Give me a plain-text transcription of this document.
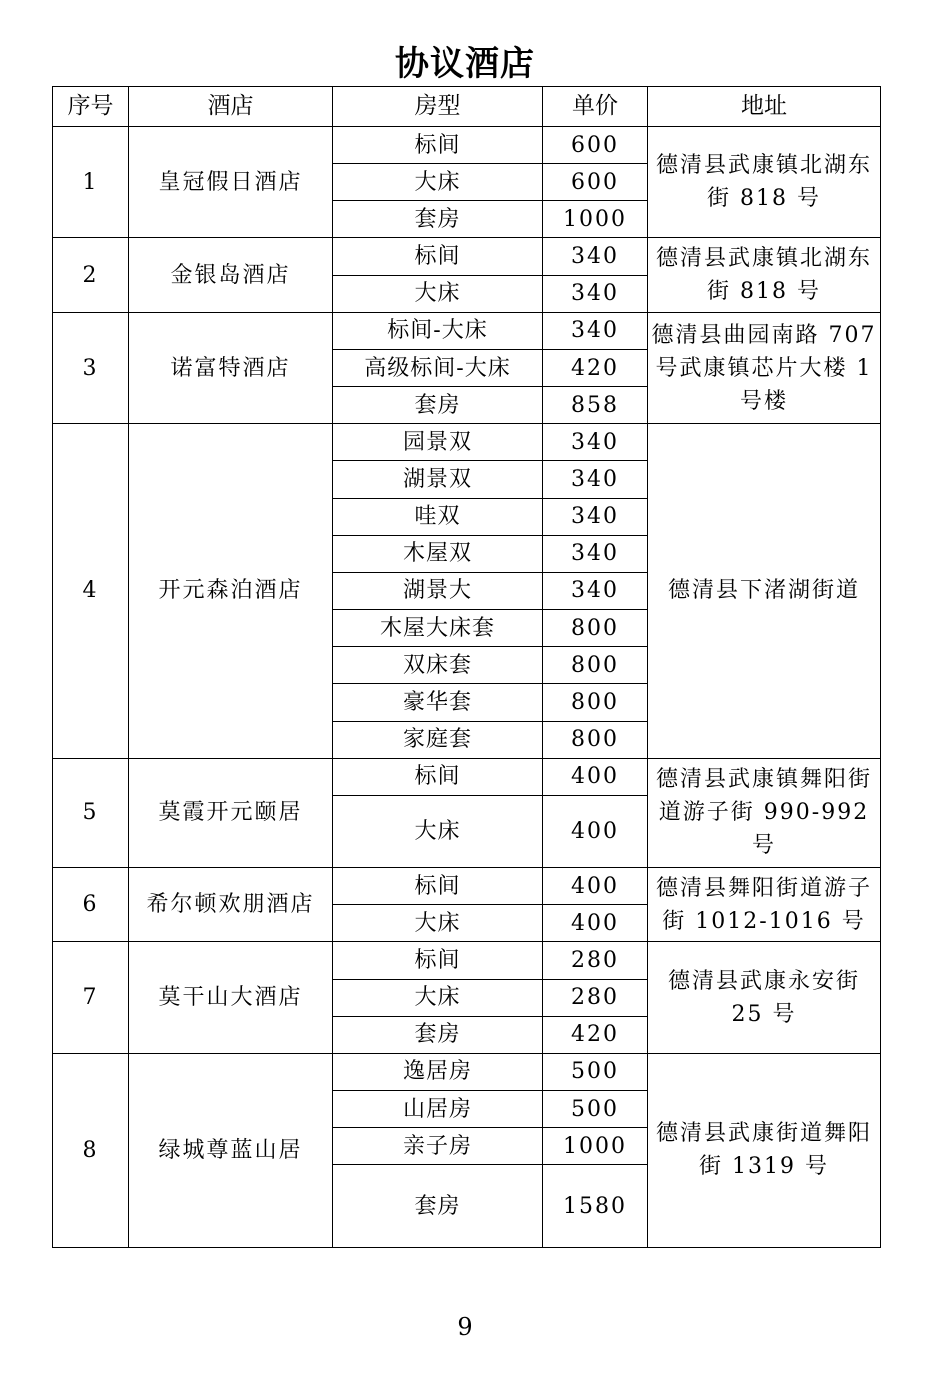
协议酒店
序号	酒店	房型	单价	地址
1	皇冠假日酒店	标间	600	德清县武康镇北湖东街 818 号
		大床	600	
		套房	1000	
2	金银岛酒店	标间	340	德清县武康镇北湖东街 818 号
		大床	340	
3	诺富特酒店	标间-大床	340	德清县曲园南路 707 号武康镇芯片大楼 1 号楼
		高级标间-大床	420	
		套房	858	
4	开元森泊酒店	园景双	340	德清县下渚湖街道
		湖景双	340	
		哇双	340	
		木屋双	340	
		湖景大	340	
		木屋大床套	800	
		双床套	800	
		豪华套	800	
		家庭套	800	
5	莫霞开元颐居	标间	400	德清县武康镇舞阳街道游子街 990-992 号
		大床	400	
6	希尔顿欢朋酒店	标间	400	德清县舞阳街道游子街 1012-1016 号
		大床	400	
7	莫干山大酒店	标间	280	德清县武康永安街 25 号
		大床	280	
		套房	420	
8	绿城尊蓝山居	逸居房	500	德清县武康街道舞阳街 1319 号
		山居房	500	
		亲子房	1000	
		套房	1580	
9
